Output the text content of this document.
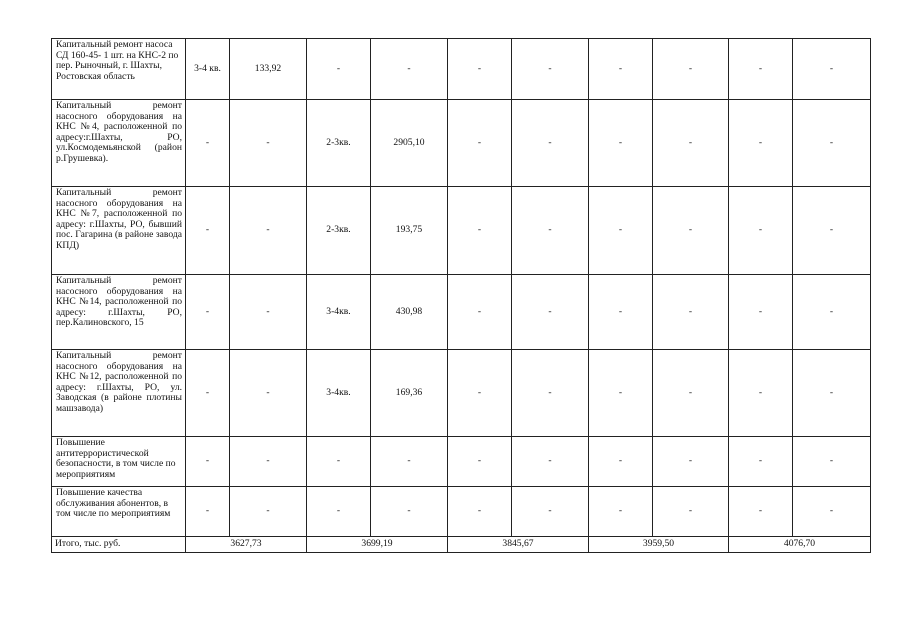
Капитальный ремонт насоса СД 160-45- 1 шт. на КНС-2 по пер. Рыночный, г. Шахты, Ростовская область	3-4 кв.	133,92	-	-	-	-	-	-	-	-
Капитальный ремонт насосного оборудования на КНС №4, расположенной по адресу:г.Шахты, РО, ул.Космодемьянской (район р.Грушевка).	-	-	2-3кв.	2905,10	-	-	-	-	-	-
Капитальный ремонт насосного оборудования на КНС №7, расположенной по адресу: г.Шахты, РО, бывший пос. Гагарина (в районе завода КПД)	-	-	2-3кв.	193,75	-	-	-	-	-	-
Капитальный ремонт насосного оборудования на КНС №14, расположенной по адресу: г.Шахты, РО, пер.Калиновского, 15	-	-	3-4кв.	430,98	-	-	-	-	-	-
Капитальный ремонт насосного оборудования на КНС №12, расположенной по адресу: г.Шахты, РО, ул. Заводская (в районе плотины машзавода)	-	-	3-4кв.	169,36	-	-	-	-	-	-
Повышение антитеррористической безопасности, в том числе по мероприятиям	-	-	-	-	-	-	-	-	-	-
Повышение качества обслуживания абонентов, в том числе по мероприятиям	-	-	-	-	-	-	-	-	-	-
Итого, тыс. руб.	3627,73		3699,19		3845,67		3959,50		4076,70	
